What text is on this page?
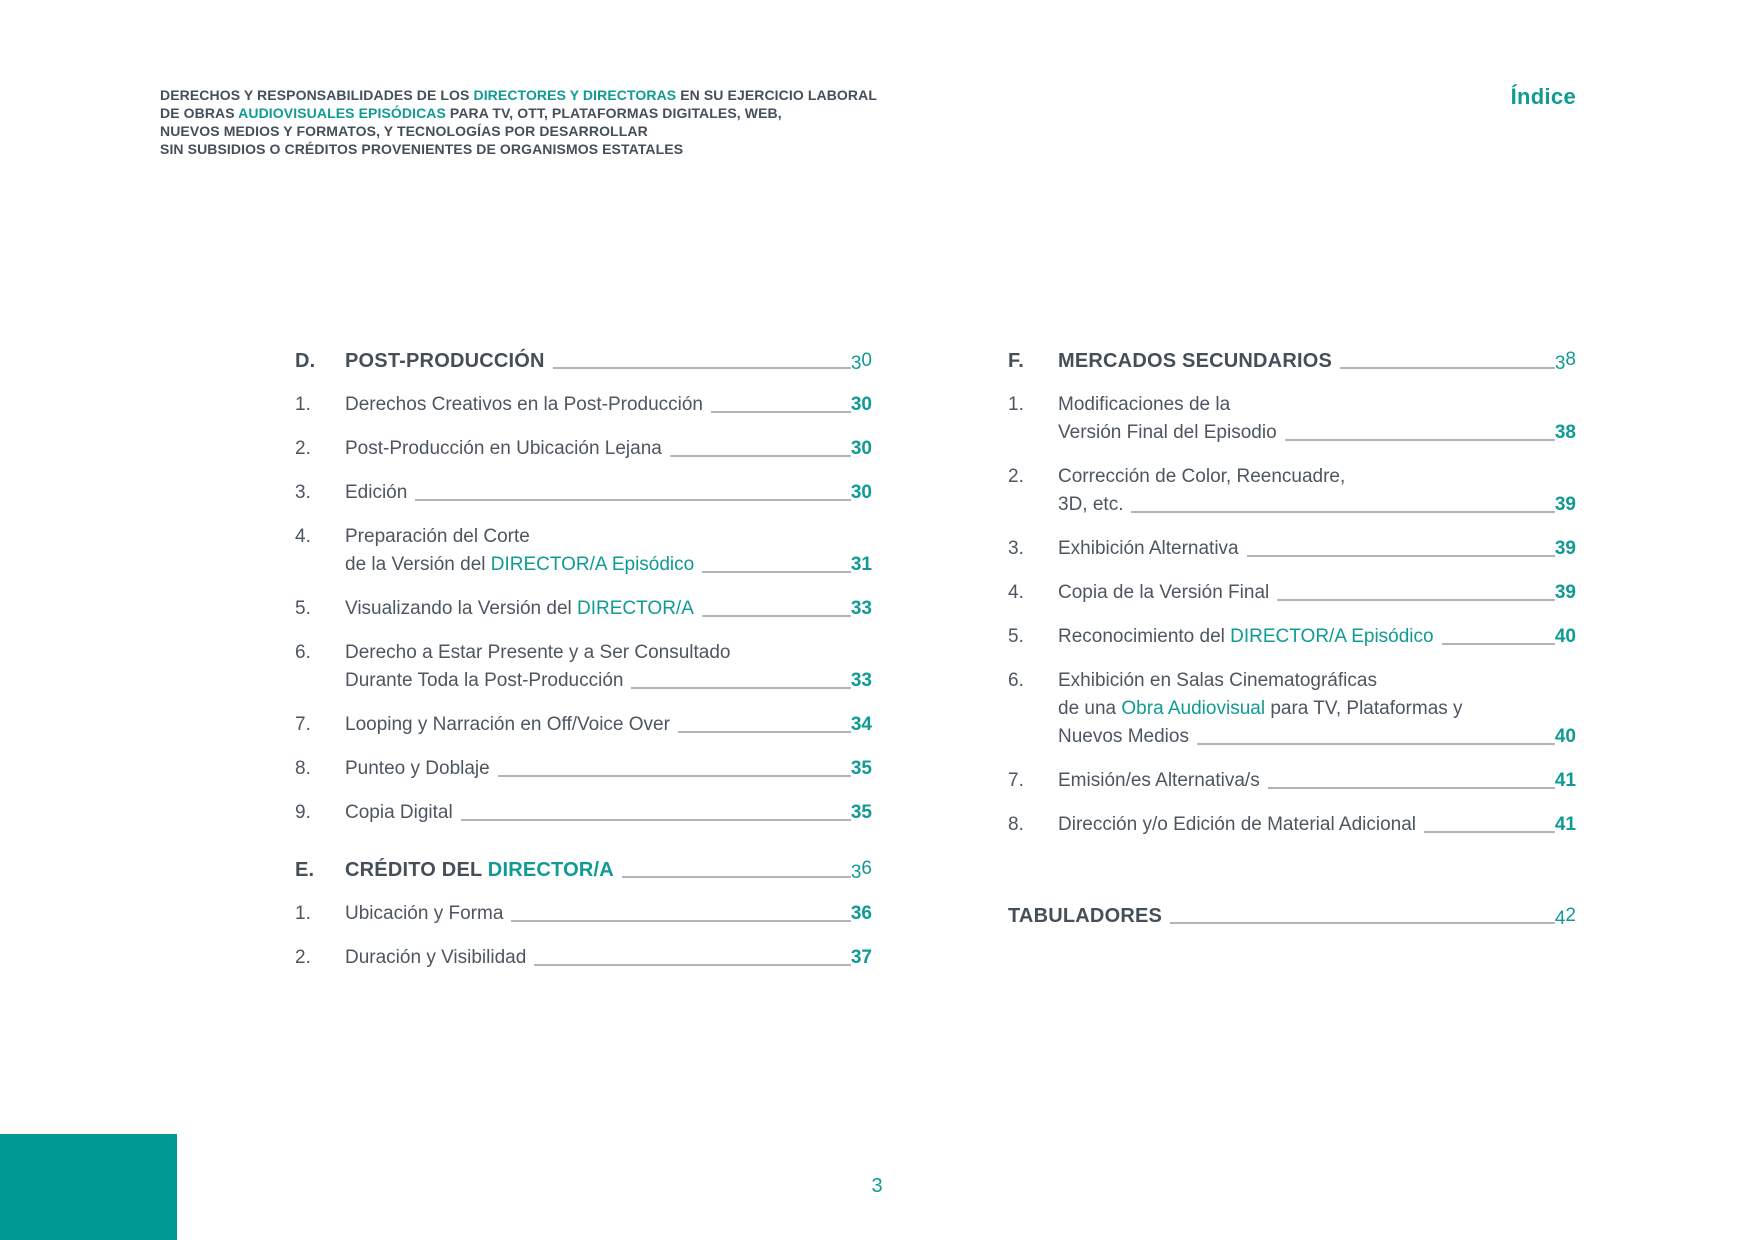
DERECHOS Y RESPONSABILIDADES DE LOS DIRECTORES Y DIRECTORAS EN SU EJERCICIO LABORAL
DE OBRAS AUDIOVISUALES EPISÓDICAS PARA TV, OTT, PLATAFORMAS DIGITALES, WEB,
NUEVOS MEDIOS Y FORMATOS, Y TECNOLOGÍAS POR DESARROLLAR
SIN SUBSIDIOS O CRÉDITOS PROVENIENTES DE ORGANISMOS ESTATALES
Índice
D.	POST-PRODUCCIÓN	30
1.	Derechos Creativos en la Post-Producción	30
2.	Post-Producción en Ubicación Lejana	30
3.	Edición	30
4.	Preparación del Corte
de la Versión del DIRECTOR/A Episódico	31
5.	Visualizando la Versión del DIRECTOR/A	33
6.	Derecho a Estar Presente y a Ser Consultado
Durante Toda la Post-Producción	33
7.	Looping y Narración en Off/Voice Over	34
8.	Punteo y Doblaje	35
9.	Copia Digital	35
E.	CRÉDITO DEL DIRECTOR/A	36
1.	Ubicación y Forma	36
2.	Duración y Visibilidad	37
F.	MERCADOS SECUNDARIOS	38
1.	Modificaciones de la
Versión Final del Episodio	38
2.	Corrección de Color, Reencuadre,
3D, etc.	39
3.	Exhibición Alternativa	39
4.	Copia de la Versión Final	39
5.	Reconocimiento del DIRECTOR/A Episódico	40
6.	Exhibición en Salas Cinematográficas
de una Obra Audiovisual para TV, Plataformas y
Nuevos Medios	40
7.	Emisión/es Alternativa/s	41
8.	Dirección y/o Edición de Material Adicional	41
TABULADORES	42
3
